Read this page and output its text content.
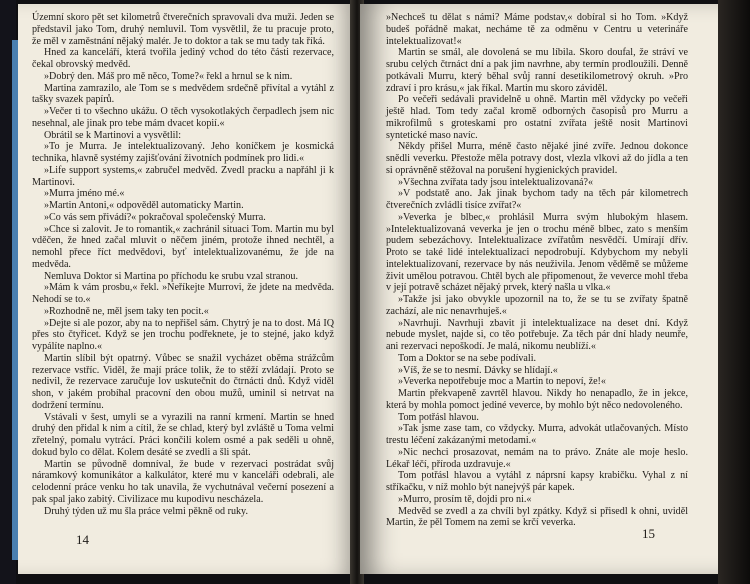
Územní skoro pět set kilometrů čtverečních spravovali dva muži. Jeden se představil jako Tom, druhý nemluvil. Tom vysvětlil, že tu pracuje proto, že měl v zaměstnání nějaký malér. Je to doktor a tak se mu tady tak říká.

Hned za kanceláří, která tvořila jediný vchod do této části rezervace, čekal obrovský medvěd.

»Dobrý den. Máš pro mě něco, Tome?« řekl a hrnul se k nim.

Martina zamrazilo, ale Tom se s medvědem srdečně přivítal a vytáhl z tašky svazek papírů.

»Večer ti to všechno ukážu. O těch vysokotlakých čerpadlech jsem nic nesehnal, ale jinak pro tebe mám dvacet kopií.«

Obrátil se k Martinovi a vysvětlil:

»To je Murra. Je intelektualizovaný. Jeho koníčkem je kosmická technika, hlavně systémy zajišťování životních podmínek pro lidi.«

»Life support systems,« zabručel medvěd. Zvedl pracku a napřáhl ji k Martinovi.

»Murra jméno mé.«

»Martin Antoni,« odpověděl automaticky Martin.

»Co vás sem přivádí?« pokračoval společenský Murra.

»Chce si zalovit. Je to romantik,« zachránil situaci Tom. Martin mu byl vděčen, že hned začal mluvit o něčem jiném, protože ihned nechtěl, a nemohl přece říct medvědovi, byť intelektualizovanému, že jde na medvěda.

Nemluva Doktor si Martina po příchodu ke srubu vzal stranou.

»Mám k vám prosbu,« řekl. »Neříkejte Murrovi, že jdete na medvěda. Nehodí se to.«

»Rozhodně ne, měl jsem taky ten pocit.«

»Dejte si ale pozor, aby na to nepřišel sám. Chytrý je na to dost. Má IQ přes sto čtyřicet. Když se jen trochu podřeknete, je to stejné, jako když vypálíte naplno.«

Martin slíbil být opatrný. Vůbec se snažil vycházet oběma strážcům rezervace vstříc. Viděl, že mají práce tolik, že to stěží zvládají. Proto se nedivil, že rezervace zaručuje lov uskutečnit do čtrnácti dnů. Když viděl shon, v jakém probíhal pracovní den obou mužů, uminil si netrvat na dodržení termínu.

Vstávali v šest, umyli se a vyrazili na ranní krmení. Martin se hned druhý den přidal k nim a cítil, že se chlad, který byl zvláště u Toma velmi zřetelný, pomalu vytrácí. Práci končili kolem osmé a pak seděli u ohně, dokud bylo co dělat. Kolem desáté se zvedli a šli spát.

Martin se původně domníval, že bude v rezervaci postrádat svůj náramkový komunikátor a kalkulátor, které mu v kanceláři odebrali, ale celodenní práce venku ho tak unavila, že vychutnával večerní posezení a pak spal jako zabitý. Civilizace mu kupodivu nescházela.

Druhý týden už mu šla práce velmi pěkně od ruky.

14

»Nechceš tu dělat s námi? Máme podstav,« dobíral si ho Tom. »Když budeš pořádně makat, necháme tě za odměnu v Centru u veterináře intelektualizovat!«

Martin se smál, ale dovolená se mu líbila. Skoro doufal, že stráví ve srubu celých čtrnáct dní a pak jim navrhne, aby termín prodloužili. Denně potkávali Murru, který běhal svůj ranní desetikilometrový okruh. »Pro zdraví i pro krásu,« jak říkal. Martin mu skoro záviděl.

Po večeři sedávali pravidelně u ohně. Martin měl vždycky po večeři ještě hlad. Tom tedy začal kromě odborných časopisů pro Murru a mikrofilmů s groteskami pro ostatní zvířata ještě nosit Martinovi syntetické maso navíc.

Někdy přišel Murra, méně často nějaké jiné zvíře. Jednou dokonce snědli veverku. Přestože měla potravy dost, vlezla vlkovi až do jídla a ten si oprávněně stěžoval na porušení hygienických pravidel.

»Všechna zvířata tady jsou intelektualizovaná?«

»V podstatě ano. Jak jinak bychom tady na těch pár kilometrech čtverečních zvládli tisíce zvířat?«

»Veverka je blbec,« prohlásil Murra svým hlubokým hlasem. »Intelektualizovaná veverka je jen o trochu méně blbec, zato s menším pudem sebezáchovy. Intelektualizace zvířatům nesvědčí. Umírají dřív. Proto se také lidé intelektualizaci nepodrobují. Kdybychom my nebyli intelektualizovaní, rezervace by nás neuživila. Jenom věděmě se můžeme živit umělou potravou. Chtěl bych ale připomenout, že veverce mohl třeba v její potravě scházet nějaký prvek, který našla u vlka.«

»Takže jsi jako obvykle upozornil na to, že se tu se zvířaty špatně zachází, ale nic nenavrhuješ.«

»Navrhuji. Navrhuji zbavit ji intelektualizace na deset dní. Když nebude myslet, najde si, co těo potřebuje. Za těch pár dní hlady neumře, ani rezervaci nepoškodí. Je malá, nikomu neublíží.«

Tom a Doktor se na sebe podívali.

»Víš, že se to nesmí. Dávky se hlídají.«

»Veverka nepotřebuje moc a Martin to nepoví, že!«

Martin překvapeně zavrtěl hlavou. Nikdy ho nenapadlo, že in jekce, která by mohla pomoct jediné veverce, by mohlo být něco nedovoleného.

Tom potřásl hlavou.

»Tak jsme zase tam, co vždycky. Murra, advokát utlačovaných. Místo trestu léčení zakázanými metodami.«

»Nic nechci prosazovat, nemám na to právo. Znáte ale moje heslo. Lékař léčí, příroda uzdravuje.«

Tom potřásl hlavou a vytáhl z náprsní kapsy krabičku. Vyhal z ní stříkačku, v níž mohlo být nanejvýš pár kapek.

»Murro, prosím tě, dojdi pro ni.«

Medvěd se zvedl a za chvíli byl zpátky. Když si přisedl k ohni, uviděl Martin, že pěl Tomem na zemi se krčí veverka.

15
